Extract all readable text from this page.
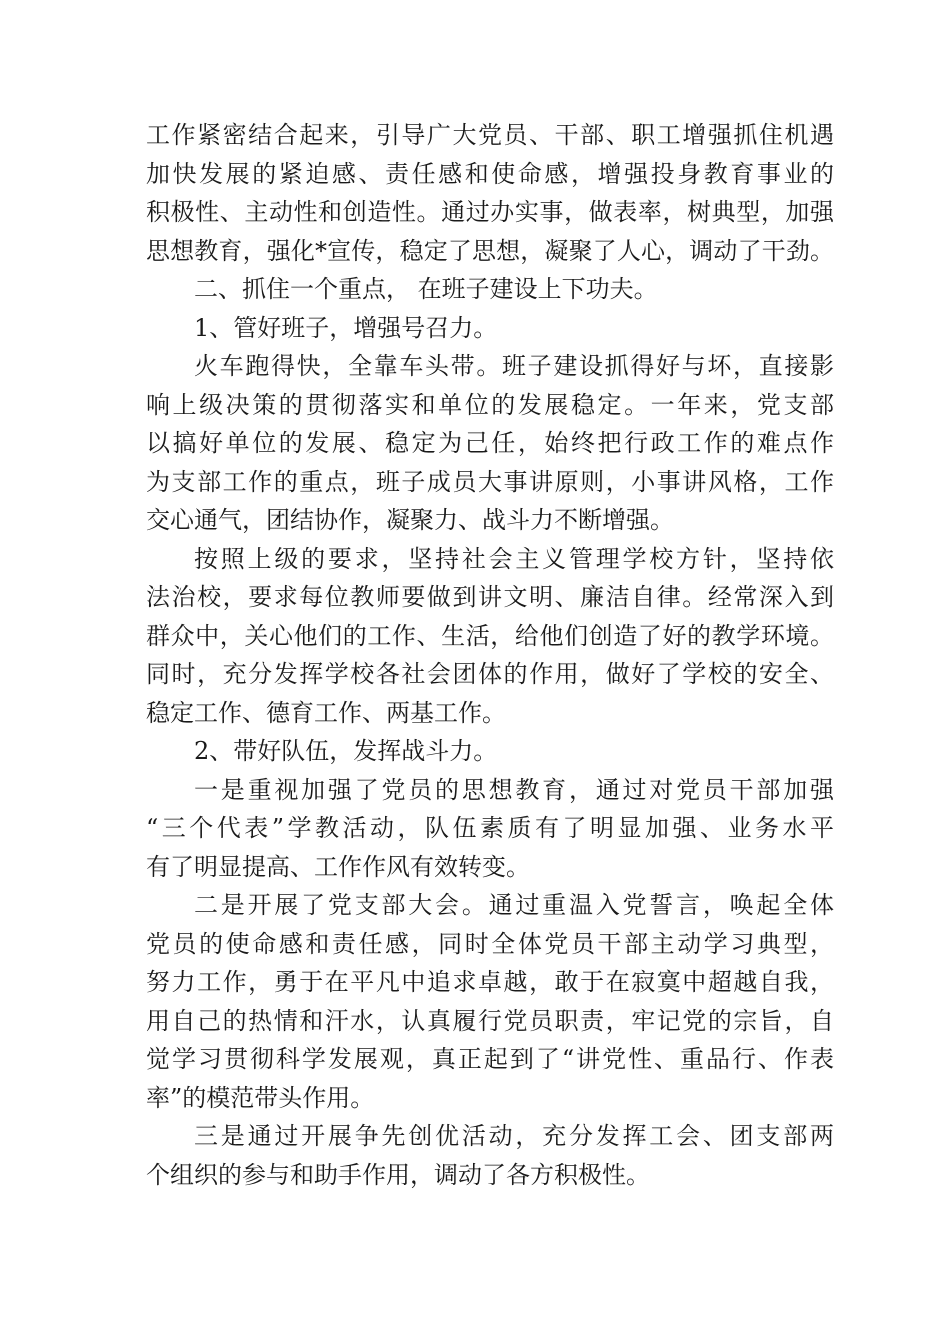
工作紧密结合起来，引导广大党员、干部、职工增强抓住机遇
加快发展的紧迫感、责任感和使命感，增强投身教育事业的
积极性、主动性和创造性。通过办实事，做表率，树典型，加强
思想教育，强化*宣传，稳定了思想，凝聚了人心，调动了干劲。
二、抓住一个重点， 在班子建设上下功夫。
1、管好班子，增强号召力。
火车跑得快，全靠车头带。班子建设抓得好与坏，直接影
响上级决策的贯彻落实和单位的发展稳定。一年来，党支部
以搞好单位的发展、稳定为己任，始终把行政工作的难点作
为支部工作的重点，班子成员大事讲原则，小事讲风格，工作
交心通气，团结协作，凝聚力、战斗力不断增强。
按照上级的要求，坚持社会主义管理学校方针，坚持依
法治校，要求每位教师要做到讲文明、廉洁自律。经常深入到
群众中，关心他们的工作、生活，给他们创造了好的教学环境。
同时，充分发挥学校各社会团体的作用，做好了学校的安全、
稳定工作、德育工作、两基工作。
2、带好队伍，发挥战斗力。
一是重视加强了党员的思想教育，通过对党员干部加强
“三个代表”学教活动，队伍素质有了明显加强、业务水平
有了明显提高、工作作风有效转变。
二是开展了党支部大会。通过重温入党誓言，唤起全体
党员的使命感和责任感，同时全体党员干部主动学习典型，
努力工作，勇于在平凡中追求卓越，敢于在寂寞中超越自我，
用自己的热情和汗水，认真履行党员职责，牢记党的宗旨，自
觉学习贯彻科学发展观，真正起到了“讲党性、重品行、作表
率”的模范带头作用。
三是通过开展争先创优活动，充分发挥工会、团支部两
个组织的参与和助手作用，调动了各方积极性。
